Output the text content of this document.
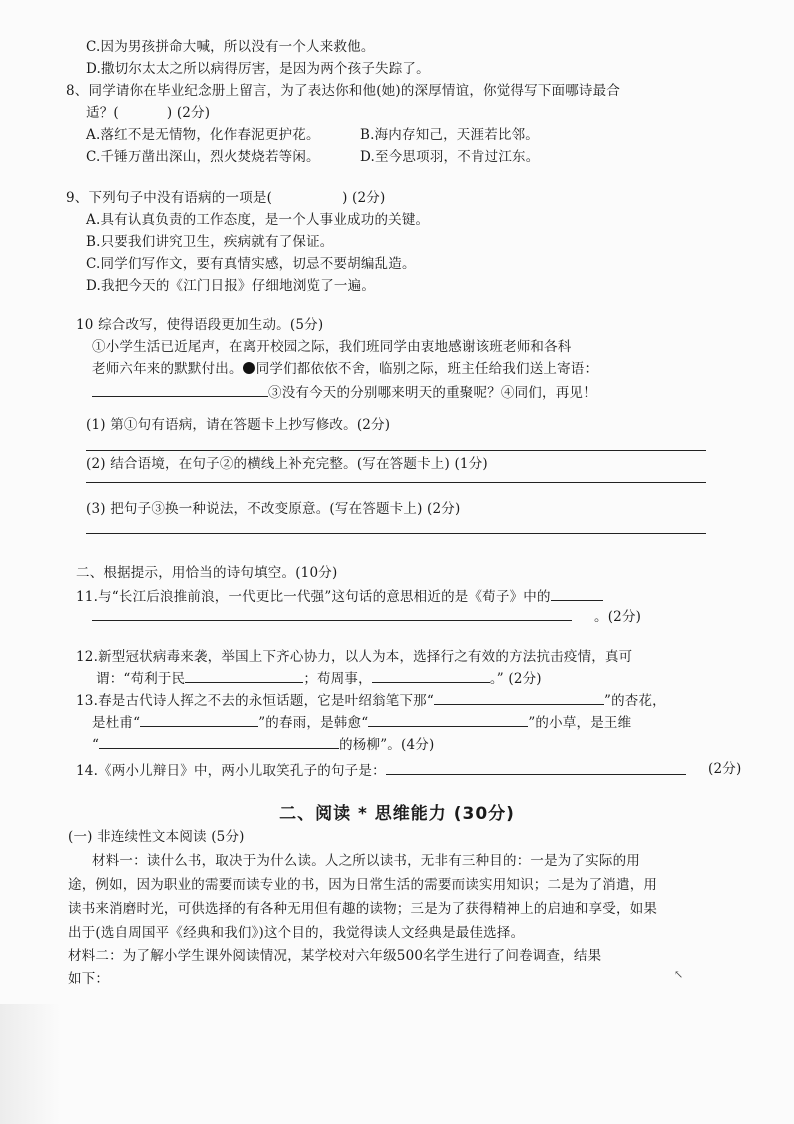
C.因为男孩拼命大喊，所以没有一个人来救他。
D.撒切尔太太之所以病得厉害，是因为两个孩子失踪了。
8、同学请你在毕业纪念册上留言，为了表达你和他(她)的深厚情谊，你觉得写下面哪诗最合
适？(	) (2分)
A.落红不是无情物，化作春泥更护花。	B.海内存知己，天涯若比邻。
C.千锤万凿出深山，烈火焚烧若等闲。	D.至今思项羽，不肯过江东。
9、下列句子中没有语病的一项是(	) (2分)
A.具有认真负责的工作态度，是一个人事业成功的关键。
B.只要我们讲究卫生，疾病就有了保证。
C.同学们写作文，要有真情实感，切忌不要胡编乱造。
D.我把今天的《江门日报》仔细地浏览了一遍。
10 综合改写，使得语段更加生动。(5分)
①小学生活已近尾声，在离开校园之际，我们班同学由衷地感谢该班老师和各科
老师六年来的默默付出。 同学们都依依不舍，临别之际，班主任给我们送上寄语：
③没有今天的分别哪来明天的重聚呢？④同们，再见！
(1) 第①句有语病，请在答题卡上抄写修改。(2分)
(2) 结合语境，在句子②的横线上补充完整。(写在答题卡上) (1分)
(3) 把句子③换一种说法，不改变原意。(写在答题卡上) (2分)
二、根据提示，用恰当的诗句填空。(10分)
11.与“长江后浪推前浪，一代更比一代强”这句话的意思相近的是《荀子》中的
。(2分)
12.新型冠状病毒来袭，举国上下齐心协力，以人为本，选择行之有效的方法抗击疫情，真可
谓：“苟利于民	；苟周事，	。” (2分)
13.春是古代诗人挥之不去的永恒话题，它是叶绍翁笔下那“	”的杏花，
是杜甫“	”的春雨，是韩愈“	”的小草，是王维
“	的杨柳”。(4分)
14.《两小儿辩日》中，两小儿取笑孔子的句子是：	(2分)
二、阅读 * 思维能力 (30分)
(一) 非连续性文本阅读 (5分)
材料一：读什么书，取决于为什么读。人之所以读书，无非有三种目的：一是为了实际的用
途，例如，因为职业的需要而读专业的书，因为日常生活的需要而读实用知识；二是为了消遣，用
读书来消磨时光，可供选择的有各种无用但有趣的读物；三是为了获得精神上的启迪和享受，如果
出于(选自周国平《经典和我们》)这个目的，我觉得读人文经典是最佳选择。
材料二：为了解小学生课外阅读情况，某学校对六年级500名学生进行了问卷调查，结果
如下：	↖
